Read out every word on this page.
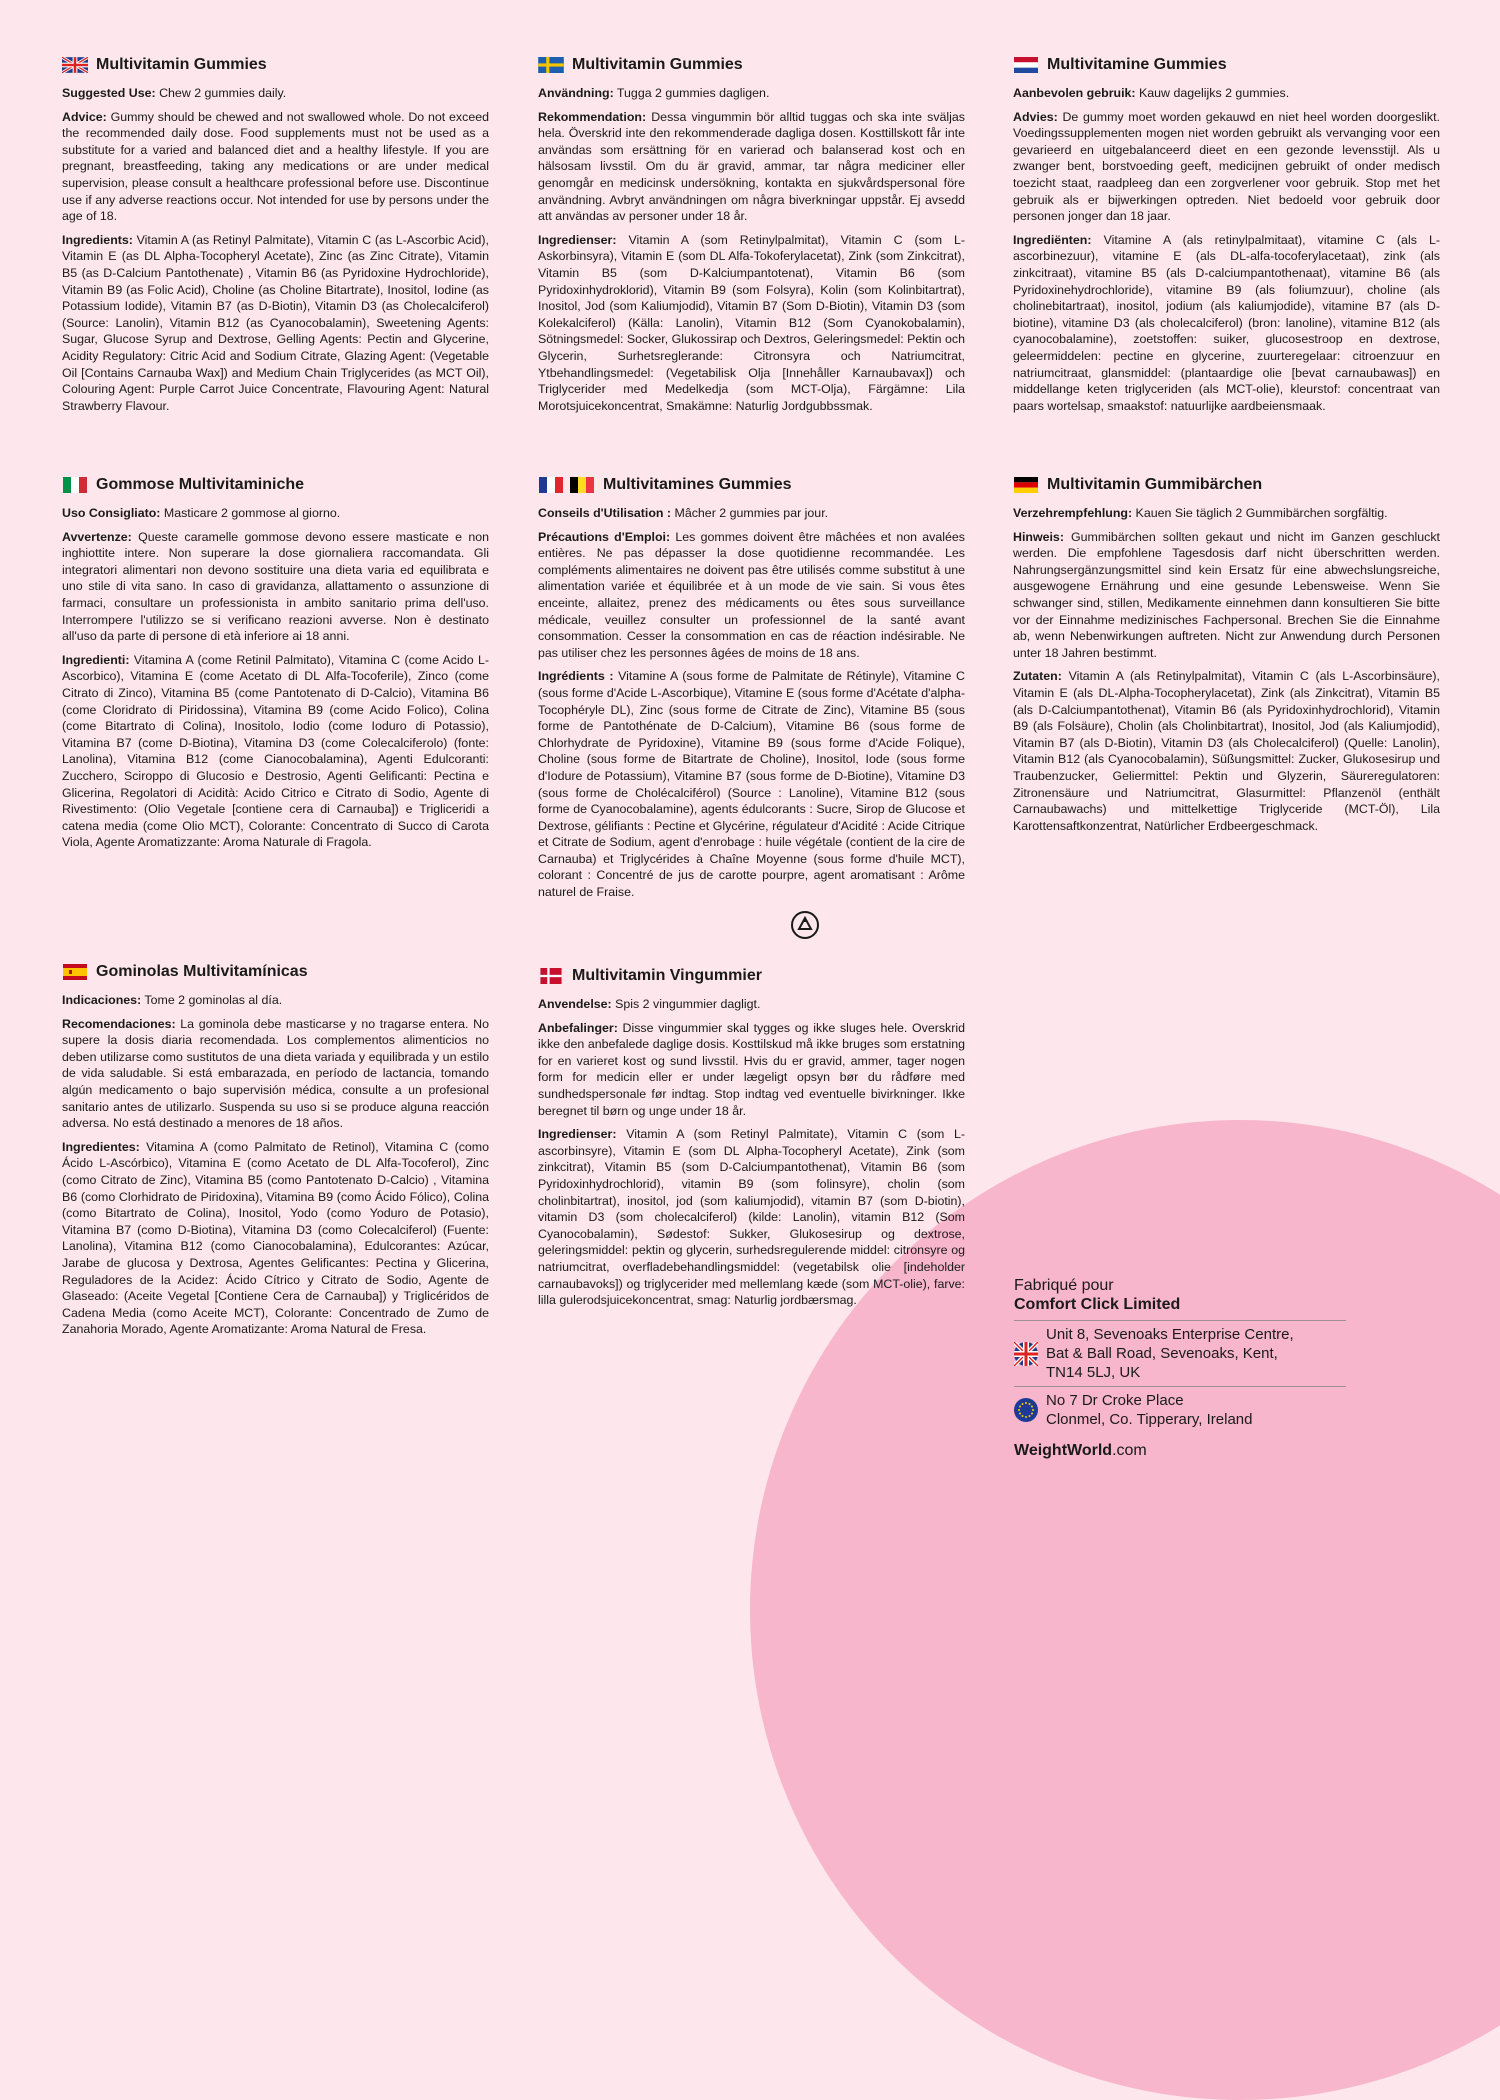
Multivitamin Gummies

Suggested Use: Chew 2 gummies daily.

Advice: Gummy should be chewed and not swallowed whole. Do not exceed the recommended daily dose. Food supplements must not be used as a substitute for a varied and balanced diet and a healthy lifestyle. If you are pregnant, breastfeeding, taking any medications or are under medical supervision, please consult a healthcare professional before use. Discontinue use if any adverse reactions occur. Not intended for use by persons under the age of 18.

Ingredients: Vitamin A (as Retinyl Palmitate), Vitamin C (as L-Ascorbic Acid), Vitamin E (as DL Alpha-Tocopheryl Acetate), Zinc (as Zinc Citrate), Vitamin B5 (as D-Calcium Pantothenate) , Vitamin B6 (as Pyridoxine Hydrochloride), Vitamin B9 (as Folic Acid), Choline (as Choline Bitartrate), Inositol, Iodine (as Potassium Iodide), Vitamin B7 (as D-Biotin), Vitamin D3 (as Cholecalciferol) (Source: Lanolin), Vitamin B12 (as Cyanocobalamin), Sweetening Agents: Sugar, Glucose Syrup and Dextrose, Gelling Agents: Pectin and Glycerine, Acidity Regulatory: Citric Acid and Sodium Citrate, Glazing Agent: (Vegetable Oil [Contains Carnauba Wax]) and Medium Chain Triglycerides (as MCT Oil), Colouring Agent: Purple Carrot Juice Concentrate, Flavouring Agent: Natural Strawberry Flavour.

Multivitamin Gummies

Användning: Tugga 2 gummies dagligen.

Rekommendation: Dessa vingummin bör alltid tuggas och ska inte sväljas hela. Överskrid inte den rekommenderade dagliga dosen. Kosttillskott får inte användas som ersättning för en varierad och balanserad kost och en hälsosam livsstil. Om du är gravid, ammar, tar några mediciner eller genomgår en medicinsk undersökning, kontakta en sjukvårdspersonal före användning. Avbryt användningen om några biverkningar uppstår. Ej avsedd att användas av personer under 18 år.

Ingredienser: Vitamin A (som Retinylpalmitat), Vitamin C (som L-Askorbinsyra), Vitamin E (som DL Alfa-Tokoferylacetat), Zink (som Zinkcitrat), Vitamin B5 (som D-Kalciumpantotenat), Vitamin B6 (som Pyridoxinhydroklorid), Vitamin B9 (som Folsyra), Kolin (som Kolinbitartrat), Inositol, Jod (som Kaliumjodid), Vitamin B7 (Som D-Biotin), Vitamin D3 (som Kolekalciferol) (Källa: Lanolin), Vitamin B12 (Som Cyanokobalamin), Sötningsmedel: Socker, Glukossirap och Dextros, Geleringsmedel: Pektin och Glycerin, Surhetsreglerande: Citronsyra och Natriumcitrat, Ytbehandlingsmedel: (Vegetabilisk Olja [Innehåller Karnaubavax]) och Triglycerider med Medelkedja (som MCT-Olja), Färgämne: Lila Morotsjuicekoncentrat, Smakämne: Naturlig Jordgubbssmak.

Multivitamine Gummies

Aanbevolen gebruik: Kauw dagelijks 2 gummies.

Advies: De gummy moet worden gekauwd en niet heel worden doorgeslikt. Voedingssupplementen mogen niet worden gebruikt als vervanging voor een gevarieerd en uitgebalanceerd dieet en een gezonde levensstijl. Als u zwanger bent, borstvoeding geeft, medicijnen gebruikt of onder medisch toezicht staat, raadpleeg dan een zorgverlener voor gebruik. Stop met het gebruik als er bijwerkingen optreden. Niet bedoeld voor gebruik door personen jonger dan 18 jaar.

Ingrediënten: Vitamine A (als retinylpalmitaat), vitamine C (als L-ascorbinezuur), vitamine E (als DL-alfa-tocoferylacetaat), zink (als zinkcitraat), vitamine B5 (als D-calciumpantothenaat), vitamine B6 (als Pyridoxinehydrochloride), vitamine B9 (als foliumzuur), choline (als cholinebitartraat), inositol, jodium (als kaliumjodide), vitamine B7 (als D-biotine), vitamine D3 (als cholecalciferol) (bron: lanoline), vitamine B12 (als cyanocobalamine), zoetstoffen: suiker, glucosestroop en dextrose, geleermiddelen: pectine en glycerine, zuurteregelaar: citroenzuur en natriumcitraat, glansmiddel: (plantaardige olie [bevat carnaubawas]) en middellange keten triglyceriden (als MCT-olie), kleurstof: concentraat van paars wortelsap, smaakstof: natuurlijke aardbeiensmaak.

Gommose Multivitaminiche

Uso Consigliato: Masticare 2 gommose al giorno.

Avvertenze: Queste caramelle gommose devono essere masticate e non inghiottite intere. Non superare la dose giornaliera raccomandata. Gli integratori alimentari non devono sostituire una dieta varia ed equilibrata e uno stile di vita sano. In caso di gravidanza, allattamento o assunzione di farmaci, consultare un professionista in ambito sanitario prima dell'uso. Interrompere l'utilizzo se si verificano reazioni avverse. Non è destinato all'uso da parte di persone di età inferiore ai 18 anni.

Ingredienti: Vitamina A (come Retinil Palmitato), Vitamina C (come Acido L-Ascorbico), Vitamina E (come Acetato di DL Alfa-Tocoferile), Zinco (come Citrato di Zinco), Vitamina B5 (come Pantotenato di D-Calcio), Vitamina B6 (come Cloridrato di Piridossina), Vitamina B9 (come Acido Folico), Colina (come Bitartrato di Colina), Inositolo, Iodio (come Ioduro di Potassio), Vitamina B7 (come D-Biotina), Vitamina D3 (come Colecalciferolo) (fonte: Lanolina), Vitamina B12 (come Cianocobalamina), Agenti Edulcoranti: Zucchero, Sciroppo di Glucosio e Destrosio, Agenti Gelificanti: Pectina e Glicerina, Regolatori di Acidità: Acido Citrico e Citrato di Sodio, Agente di Rivestimento: (Olio Vegetale [contiene cera di Carnauba]) e Trigliceridi a catena media (come Olio MCT), Colorante: Concentrato di Succo di Carota Viola, Agente Aromatizzante: Aroma Naturale di Fragola.

Multivitamines Gummies

Conseils d'Utilisation : Mâcher 2 gummies par jour.

Précautions d'Emploi: Les gommes doivent être mâchées et non avalées entières. Ne pas dépasser la dose quotidienne recommandée. Les compléments alimentaires ne doivent pas être utilisés comme substitut à une alimentation variée et équilibrée et à un mode de vie sain. Si vous êtes enceinte, allaitez, prenez des médicaments ou êtes sous surveillance médicale, veuillez consulter un professionnel de la santé avant consommation. Cesser la consommation en cas de réaction indésirable. Ne pas utiliser chez les personnes âgées de moins de 18 ans.

Ingrédients : Vitamine A (sous forme de Palmitate de Rétinyle), Vitamine C (sous forme d'Acide L-Ascorbique), Vitamine E (sous forme d'Acétate d'alpha-Tocophéryle DL), Zinc (sous forme de Citrate de Zinc), Vitamine B5 (sous forme de Pantothénate de D-Calcium), Vitamine B6 (sous forme de Chlorhydrate de Pyridoxine), Vitamine B9 (sous forme d'Acide Folique), Choline (sous forme de Bitartrate de Choline), Inositol, Iode (sous forme d'Iodure de Potassium), Vitamine B7 (sous forme de D-Biotine), Vitamine D3 (sous forme de Cholécalciférol) (Source : Lanoline), Vitamine B12 (sous forme de Cyanocobalamine), agents édulcorants : Sucre, Sirop de Glucose et Dextrose, gélifiants : Pectine et Glycérine, régulateur d'Acidité : Acide Citrique et Citrate de Sodium, agent d'enrobage : huile végétale (contient de la cire de Carnauba) et Triglycérides à Chaîne Moyenne (sous forme d'huile MCT), colorant : Concentré de jus de carotte pourpre, agent aromatisant : Arôme naturel de Fraise.

Multivitamin Gummibärchen

Verzehrempfehlung: Kauen Sie täglich 2 Gummibärchen sorgfältig.

Hinweis: Gummibärchen sollten gekaut und nicht im Ganzen geschluckt werden. Die empfohlene Tagesdosis darf nicht überschritten werden. Nahrungsergänzungsmittel sind kein Ersatz für eine abwechslungsreiche, ausgewogene Ernährung und eine gesunde Lebensweise. Wenn Sie schwanger sind, stillen, Medikamente einnehmen dann konsultieren Sie bitte vor der Einnahme medizinisches Fachpersonal. Brechen Sie die Einnahme ab, wenn Nebenwirkungen auftreten. Nicht zur Anwendung durch Personen unter 18 Jahren bestimmt.

Zutaten: Vitamin A (als Retinylpalmitat), Vitamin C (als L-Ascorbinsäure), Vitamin E (als DL-Alpha-Tocopherylacetat), Zink (als Zinkcitrat), Vitamin B5 (als D-Calciumpantothenat), Vitamin B6 (als Pyridoxinhydrochlorid), Vitamin B9 (als Folsäure), Cholin (als Cholinbitartrat), Inositol, Jod (als Kaliumjodid), Vitamin B7 (als D-Biotin), Vitamin D3 (als Cholecalciferol) (Quelle: Lanolin), Vitamin B12 (als Cyanocobalamin), Süßungsmittel: Zucker, Glukosesirup und Traubenzucker, Geliermittel: Pektin und Glyzerin, Säureregulatoren: Zitronensäure und Natriumcitrat, Glasurmittel: Pflanzenöl (enthält Carnaubawachs) und mittelkettige Triglyceride (MCT-Öl), Lila Karottensaftkonzentrat, Natürlicher Erdbeergeschmack.

Gominolas Multivitamínicas

Indicaciones: Tome 2 gominolas al día.

Recomendaciones: La gominola debe masticarse y no tragarse entera. No supere la dosis diaria recomendada. Los complementos alimenticios no deben utilizarse como sustitutos de una dieta variada y equilibrada y un estilo de vida saludable. Si está embarazada, en período de lactancia, tomando algún medicamento o bajo supervisión médica, consulte a un profesional sanitario antes de utilizarlo. Suspenda su uso si se produce alguna reacción adversa. No está destinado a menores de 18 años.

Ingredientes: Vitamina A (como Palmitato de Retinol), Vitamina C (como Ácido L-Ascórbico), Vitamina E (como Acetato de DL Alfa-Tocoferol), Zinc (como Citrato de Zinc), Vitamina B5 (como Pantotenato D-Calcio) , Vitamina B6 (como Clorhidrato de Piridoxina), Vitamina B9 (como Ácido Fólico), Colina (como Bitartrato de Colina), Inositol, Yodo (como Yoduro de Potasio), Vitamina B7 (como D-Biotina), Vitamina D3 (como Colecalciferol) (Fuente: Lanolina), Vitamina B12 (como Cianocobalamina), Edulcorantes: Azúcar, Jarabe de glucosa y Dextrosa, Agentes Gelificantes: Pectina y Glicerina, Reguladores de la Acidez: Ácido Cítrico y Citrato de Sodio, Agente de Glaseado: (Aceite Vegetal [Contiene Cera de Carnauba]) y Triglicéridos de Cadena Media (como Aceite MCT), Colorante: Concentrado de Zumo de Zanahoria Morado, Agente Aromatizante: Aroma Natural de Fresa.

Multivitamin Vingummier

Anvendelse: Spis 2 vingummier dagligt.

Anbefalinger: Disse vingummier skal tygges og ikke sluges hele. Overskrid ikke den anbefalede daglige dosis. Kosttilskud må ikke bruges som erstatning for en varieret kost og sund livsstil. Hvis du er gravid, ammer, tager nogen form for medicin eller er under lægeligt opsyn bør du rådføre med sundhedspersonale før indtag. Stop indtag ved eventuelle bivirkninger. Ikke beregnet til børn og unge under 18 år.

Ingredienser: Vitamin A (som Retinyl Palmitate), Vitamin C (som L-ascorbinsyre), Vitamin E (som DL Alpha-Tocopheryl Acetate), Zink (som zinkcitrat), Vitamin B5 (som D-Calciumpantothenat), Vitamin B6 (som Pyridoxinhydrochlorid), vitamin B9 (som folinsyre), cholin (som cholinbitartrat), inositol, jod (som kaliumjodid), vitamin B7 (som D-biotin), vitamin D3 (som cholecalciferol) (kilde: Lanolin), vitamin B12 (Som Cyanocobalamin), Sødestof: Sukker, Glukosesirup og dextrose, geleringsmiddel: pektin og glycerin, surhedsregulerende middel: citronsyre og natriumcitrat, overfladebehandlingsmiddel: (vegetabilsk olie [indeholder carnaubavoks]) og triglycerider med mellemlang kæde (som MCT-olie), farve: lilla gulerodsjuicekoncentrat, smag: Naturlig jordbærsmag.

Fabriqué pour
Comfort Click Limited
Unit 8, Sevenoaks Enterprise Centre,
Bat & Ball Road, Sevenoaks, Kent,
TN14 5LJ, UK
No 7 Dr Croke Place
Clonmel, Co. Tipperary, Ireland
WeightWorld.com
